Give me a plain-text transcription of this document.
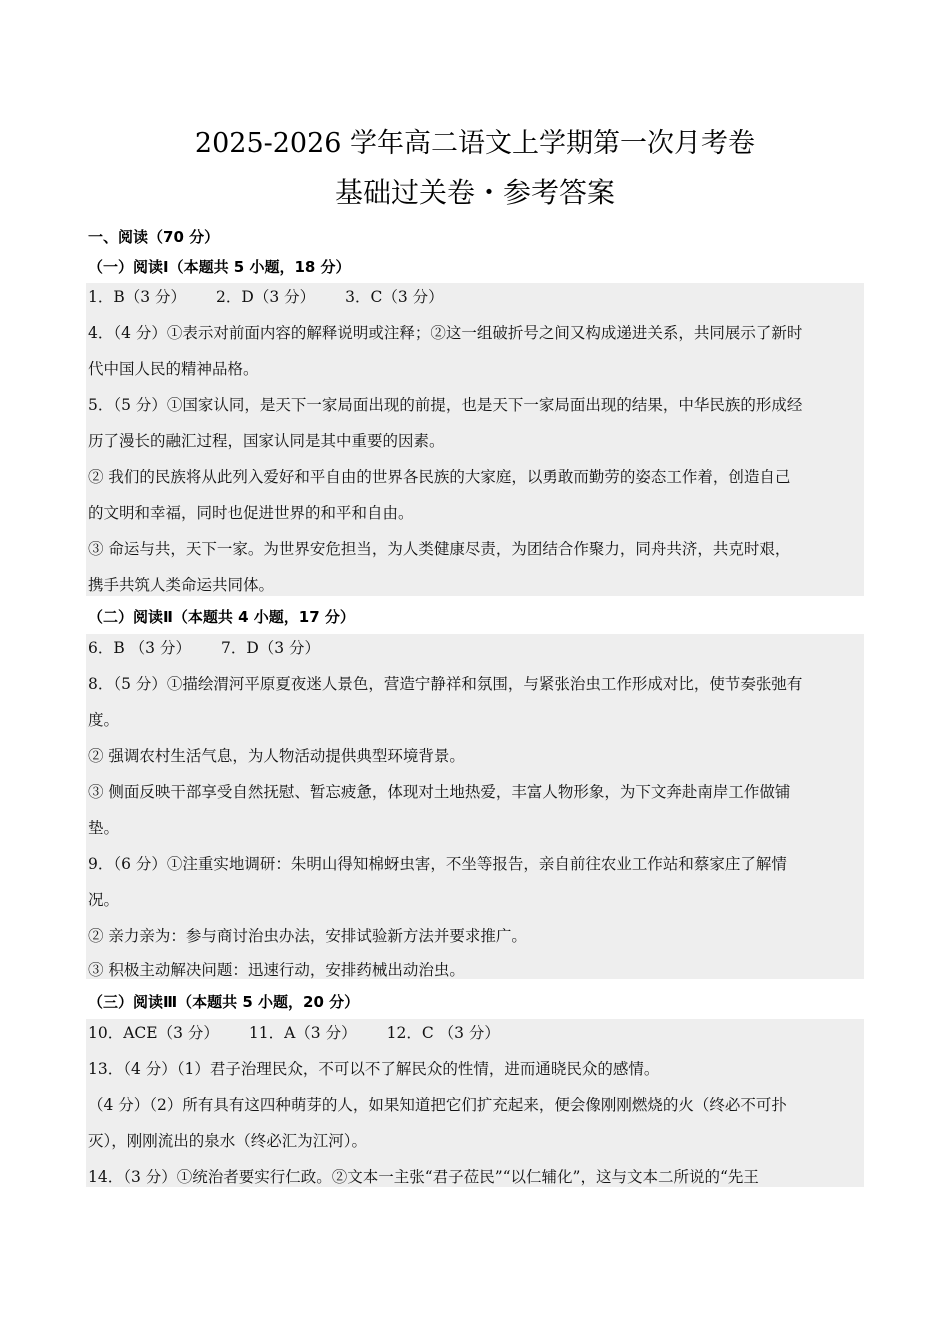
2025-2026 学年高二语文上学期第一次月考卷
基础过关卷・参考答案
一、阅读（70 分）
（一）阅读Ⅰ（本题共 5 小题，18 分）
1．B（3 分） 2．D（3 分） 3．C（3 分）
4．（4 分）①表示对前面内容的解释说明或注释；②这一组破折号之间又构成递进关系，共同展示了新时
代中国人民的精神品格。
5．（5 分）①国家认同，是天下一家局面出现的前提，也是天下一家局面出现的结果，中华民族的形成经
历了漫长的融汇过程，国家认同是其中重要的因素。
② 我们的民族将从此列入爱好和平自由的世界各民族的大家庭，以勇敢而勤劳的姿态工作着，创造自己
的文明和幸福，同时也促进世界的和平和自由。
③ 命运与共，天下一家。为世界安危担当，为人类健康尽责，为团结合作聚力，同舟共济，共克时艰，
携手共筑人类命运共同体。
（二）阅读Ⅱ（本题共 4 小题，17 分）
6．B （3 分） 7．D（3 分）
8．（5 分）①描绘渭河平原夏夜迷人景色，营造宁静祥和氛围，与紧张治虫工作形成对比，使节奏张弛有
度。
② 强调农村生活气息，为人物活动提供典型环境背景。
③ 侧面反映干部享受自然抚慰、暂忘疲惫，体现对土地热爱，丰富人物形象，为下文奔赴南岸工作做铺
垫。
9．（6 分）①注重实地调研：朱明山得知棉蚜虫害，不坐等报告，亲自前往农业工作站和蔡家庄了解情
况。
② 亲力亲为：参与商讨治虫办法，安排试验新方法并要求推广。
③ 积极主动解决问题：迅速行动，安排药械出动治虫。
（三）阅读Ⅲ（本题共 5 小题，20 分）
10．ACE（3 分） 11．A（3 分） 12．C （3 分）
13．（4 分）（1）君子治理民众，不可以不了解民众的性情，进而通晓民众的感情。
（4 分）（2）所有具有这四种萌芽的人，如果知道把它们扩充起来，便会像刚刚燃烧的火（终必不可扑
灭），刚刚流出的泉水（终必汇为江河）。
14．（3 分）①统治者要实行仁政。②文本一主张“君子莅民”“以仁辅化”，这与文本二所说的“先王
